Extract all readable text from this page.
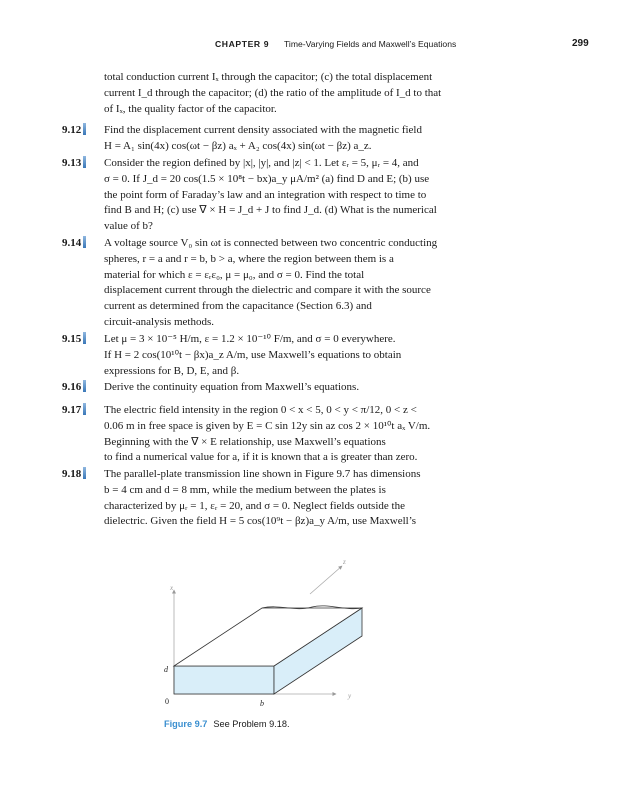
CHAPTER 9 Time-Varying Fields and Maxwell’s Equations	299
total conduction current Iₓ through the capacitor; (c) the total displacement
current I_d through the capacitor; (d) the ratio of the amplitude of I_d to that
of Iₓ, the quality factor of the capacitor.
9.12	Find the displacement current density associated with the magnetic field
H = A₁ sin(4x) cos(ωt − βz) aₓ + A₂ cos(4x) sin(ωt − βz) a_z.
9.13	Consider the region defined by |x|, |y|, and |z| < 1. Let εᵣ = 5, μᵣ = 4, and
σ = 0. If J_d = 20 cos(1.5 × 10⁸t − bx)a_y μA/m² (a) find D and E; (b) use
the point form of Faraday’s law and an integration with respect to time to
find B and H; (c) use ∇ × H = J_d + J to find J_d. (d) What is the numerical
value of b?
9.14	A voltage source V₀ sin ωt is connected between two concentric conducting
spheres, r = a and r = b, b > a, where the region between them is a
material for which ε = εᵣε₀, μ = μ₀, and σ = 0. Find the total
displacement current through the dielectric and compare it with the source
current as determined from the capacitance (Section 6.3) and
circuit-analysis methods.
9.15	Let μ = 3 × 10⁻⁵ H/m, ε = 1.2 × 10⁻¹⁰ F/m, and σ = 0 everywhere.
If H = 2 cos(10¹⁰t − βx)a_z A/m, use Maxwell’s equations to obtain
expressions for B, D, E, and β.
9.16	Derive the continuity equation from Maxwell’s equations.
9.17	The electric field intensity in the region 0 < x < 5, 0 < y < π/12, 0 < z <
0.06 m in free space is given by E = C sin 12y sin az cos 2 × 10¹⁰t aₓ V/m.
Beginning with the ∇ × E relationship, use Maxwell’s equations
to find a numerical value for a, if it is known that a is greater than zero.
9.18	The parallel-plate transmission line shown in Figure 9.7 has dimensions
b = 4 cm and d = 8 mm, while the medium between the plates is
characterized by μᵣ = 1, εᵣ = 20, and σ = 0. Neglect fields outside the
dielectric. Given the field H = 5 cos(10⁹t − βz)a_y A/m, use Maxwell’s
x
y
z
d
0	b
Figure 9.7 See Problem 9.18.
